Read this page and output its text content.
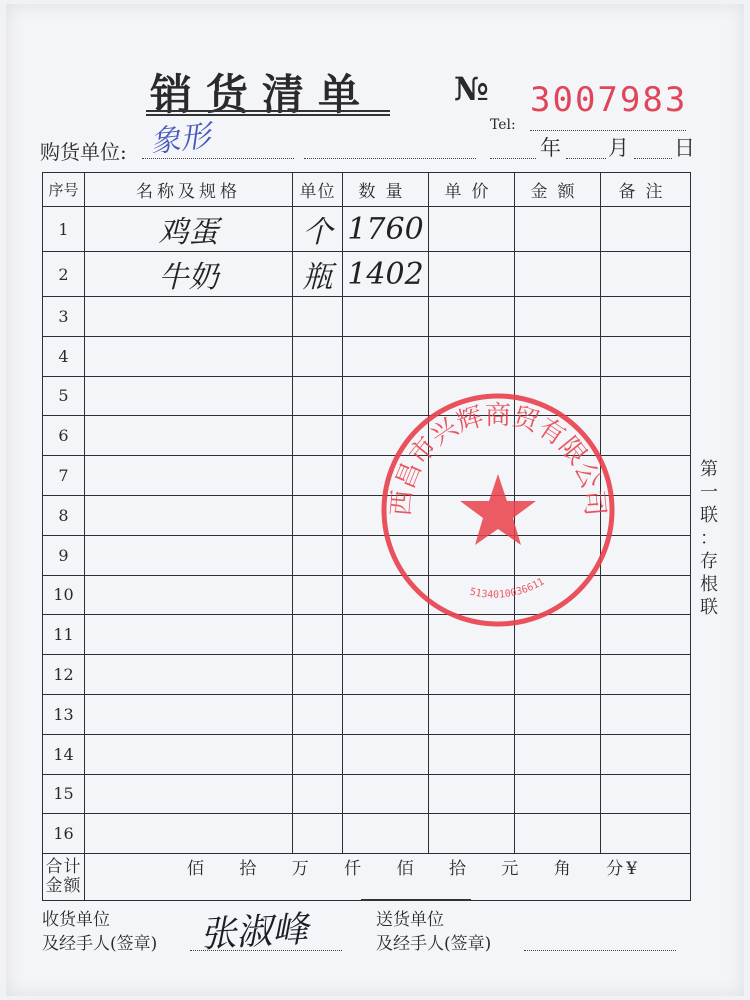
销货清单 № 3007983
Tel:
购货单位: 象形	年 月 日
序号	名称及规格	单位	数量	单价	金额	备注
1	鸡蛋	个	1760			
2	牛奶	瓶	1402			
3						
4						
5						
6						
7						
8						
9						
10						
11						
12						
13						
14						
15						
16						

合计
金额	佰 拾 万 仟 佰 拾 元 角 分 ¥					
第
一
联
：
存
根
联
西昌市兴辉商贸有限公司
5134010036611
收货单位
及经手人(签章) 张淑峰	送货单位
及经手人(签章)
